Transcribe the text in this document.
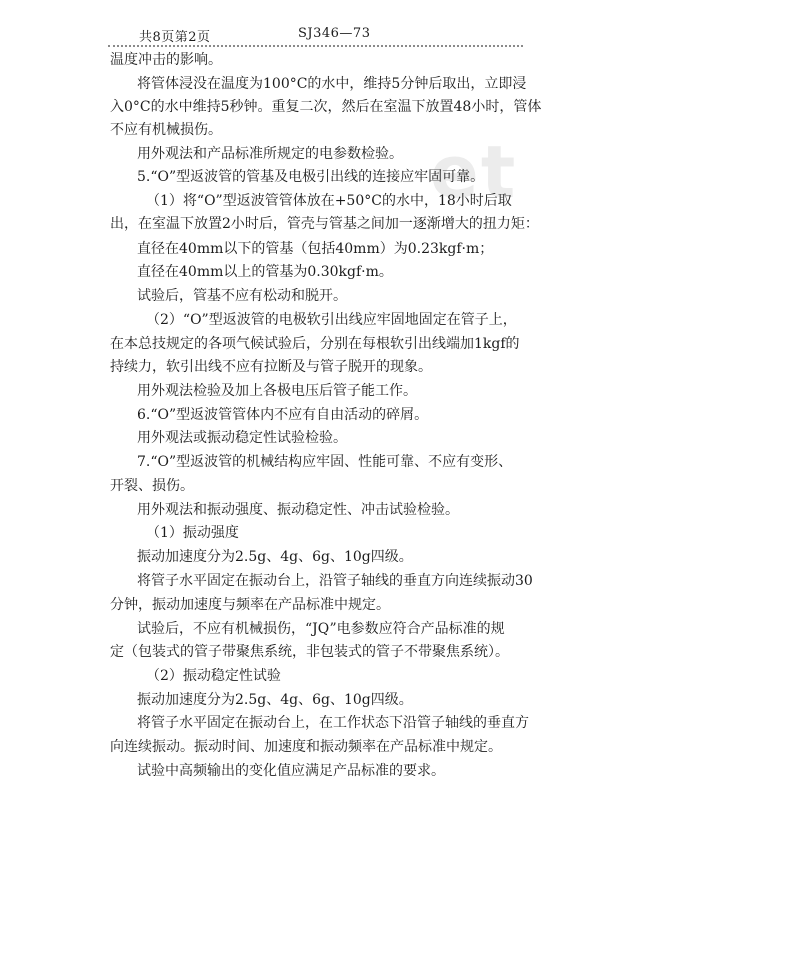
共8页第2页	SJ346—73
et
温度冲击的影响。
将管体浸没在温度为100°C的水中，维持5分钟后取出，立即浸
入0°C的水中维持5秒钟。重复二次，然后在室温下放置48小时，管体
不应有机械损伤。
用外观法和产品标准所规定的电参数检验。
5.“O”型返波管的管基及电极引出线的连接应牢固可靠。
（1）将“O”型返波管管体放在+50°C的水中，18小时后取
出，在室温下放置2小时后，管壳与管基之间加一逐渐增大的扭力矩：
直径在40mm以下的管基（包括40mm）为0.23kgf·m；
直径在40mm以上的管基为0.30kgf·m。
试验后，管基不应有松动和脱开。
（2）“O”型返波管的电极软引出线应牢固地固定在管子上，
在本总技规定的各项气候试验后，分别在每根软引出线端加1kgf的
持续力，软引出线不应有拉断及与管子脱开的现象。
用外观法检验及加上各极电压后管子能工作。
6.“O”型返波管管体内不应有自由活动的碎屑。
用外观法或振动稳定性试验检验。
7.“O”型返波管的机械结构应牢固、性能可靠、不应有变形、
开裂、损伤。
用外观法和振动强度、振动稳定性、冲击试验检验。
（1）振动强度
振动加速度分为2.5g、4g、6g、10g四级。
将管子水平固定在振动台上，沿管子轴线的垂直方向连续振动30
分钟，振动加速度与频率在产品标准中规定。
试验后，不应有机械损伤，“JQ”电参数应符合产品标准的规
定（包装式的管子带聚焦系统，非包装式的管子不带聚焦系统）。
（2）振动稳定性试验
振动加速度分为2.5g、4g、6g、10g四级。
将管子水平固定在振动台上，在工作状态下沿管子轴线的垂直方
向连续振动。振动时间、加速度和振动频率在产品标准中规定。
试验中高频输出的变化值应满足产品标准的要求。
